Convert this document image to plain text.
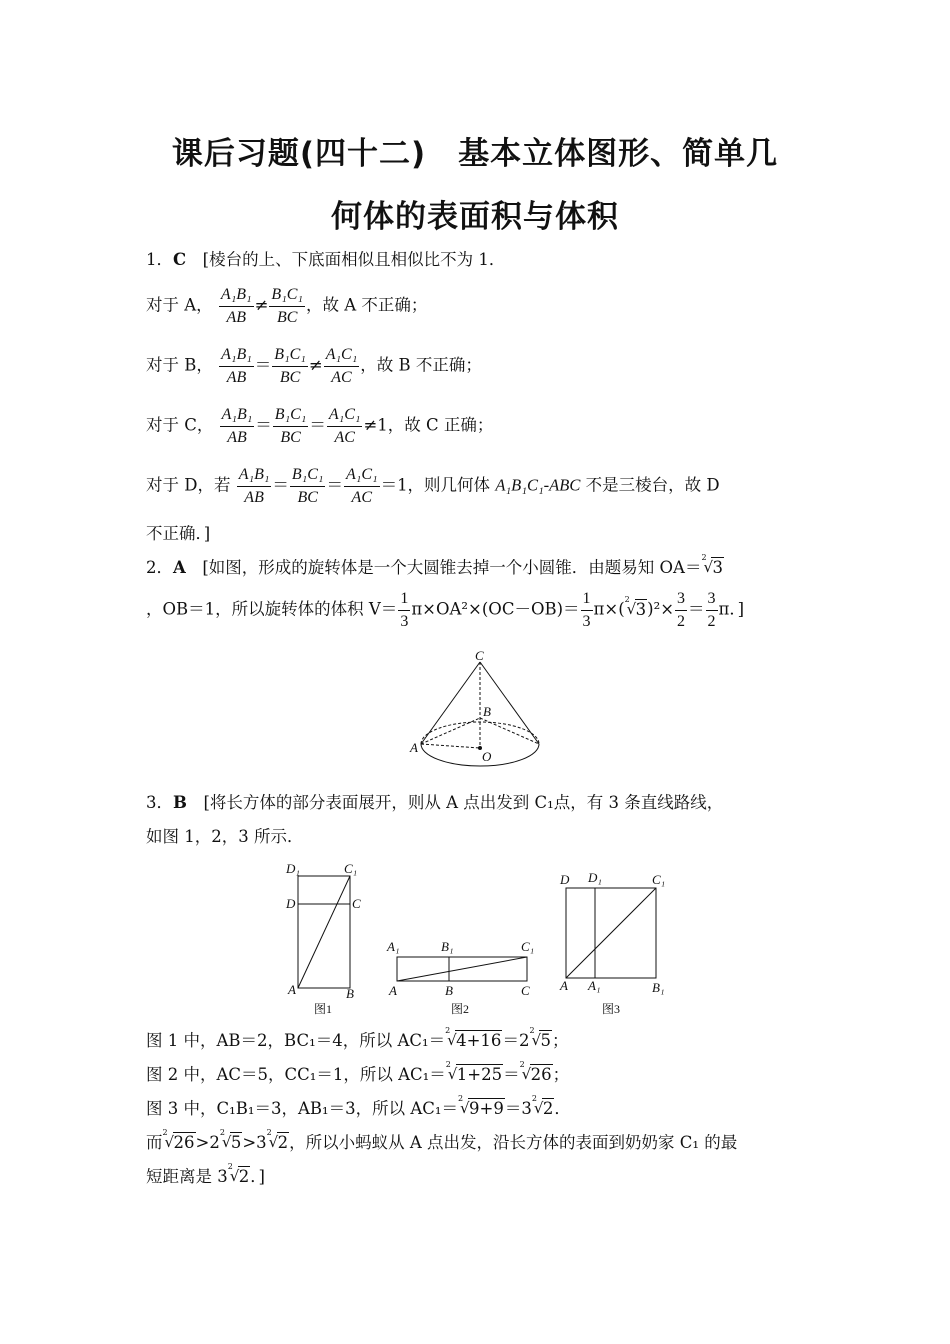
课后习题(四十二)　基本立体图形、简单几
何体的表面积与体积
1．C　 [棱台的上、下底面相似且相似比不为 1．
对于 A， $\frac{\text{A₁B₁}}{AB} \ne \frac{\text{B₁C₁}}{BC}$ ，故 A 不正确；
对于 B， $\frac{\text{A₁B₁}}{AB} = \frac{\text{B₁C₁}}{BC} \ne \frac{\text{A₁C₁}}{AC}$ ，故 B 不正确；
对于 C， $\frac{\text{A₁B₁}}{AB} = \frac{\text{B₁C₁}}{BC} = \frac{\text{A₁C₁}}{AC} \ne 1$，故 C 正确；
对于 D，若 $\frac{\text{A₁B₁}}{AB} = \frac{\text{B₁C₁}}{BC} = \frac{\text{A₁C₁}}{AC} =1$，则几何体 A₁B₁C₁-ABC 不是三棱台，故 D
不正确．]
2．A　 [如图，形成的旋转体是一个大圆锥去掉一个小圆锥．由题易知 OA＝
2
√ 3
，OB＝1，所以旋转体的体积 $V= \frac{1}{3} \pi\times OA^2\times(OC-OB)= \frac{1}{3} \pi\times$(
2
√ $3)^2\times \frac{3}{2} = \frac{3}{2}$ π．]
C
B
A
O
3．B　 [将长方体的部分表面展开，则从 A 点出发到 C₁点，有 3 条直线路线，
如图 1，2，3 所示．
D₁	C₁
D	C
A	B
图1
A₁	B₁	C₁
A	B	C
图2
D D₁	C₁
A A₁	B₁
图3
图 1 中，AB＝2，BC₁＝4，所以 AC₁＝
2
√ 4+16＝2
2
√ 5；
图 2 中，AC＝5，CC₁＝1，所以 AC₁＝
2
√ 1+25＝
2
√ 26；
图 3 中，C₁B₁＝3，AB₁＝3，所以 AC₁＝
2
√ 9+9＝3
2
√ 2．
而
2
√ 26>2
2
√ 5>3
2
√ 2，所以小蚂蚁从 A 点出发，沿长方体的表面到奶奶家 C₁ 的最
短距离是 3
2
√ 2．]
